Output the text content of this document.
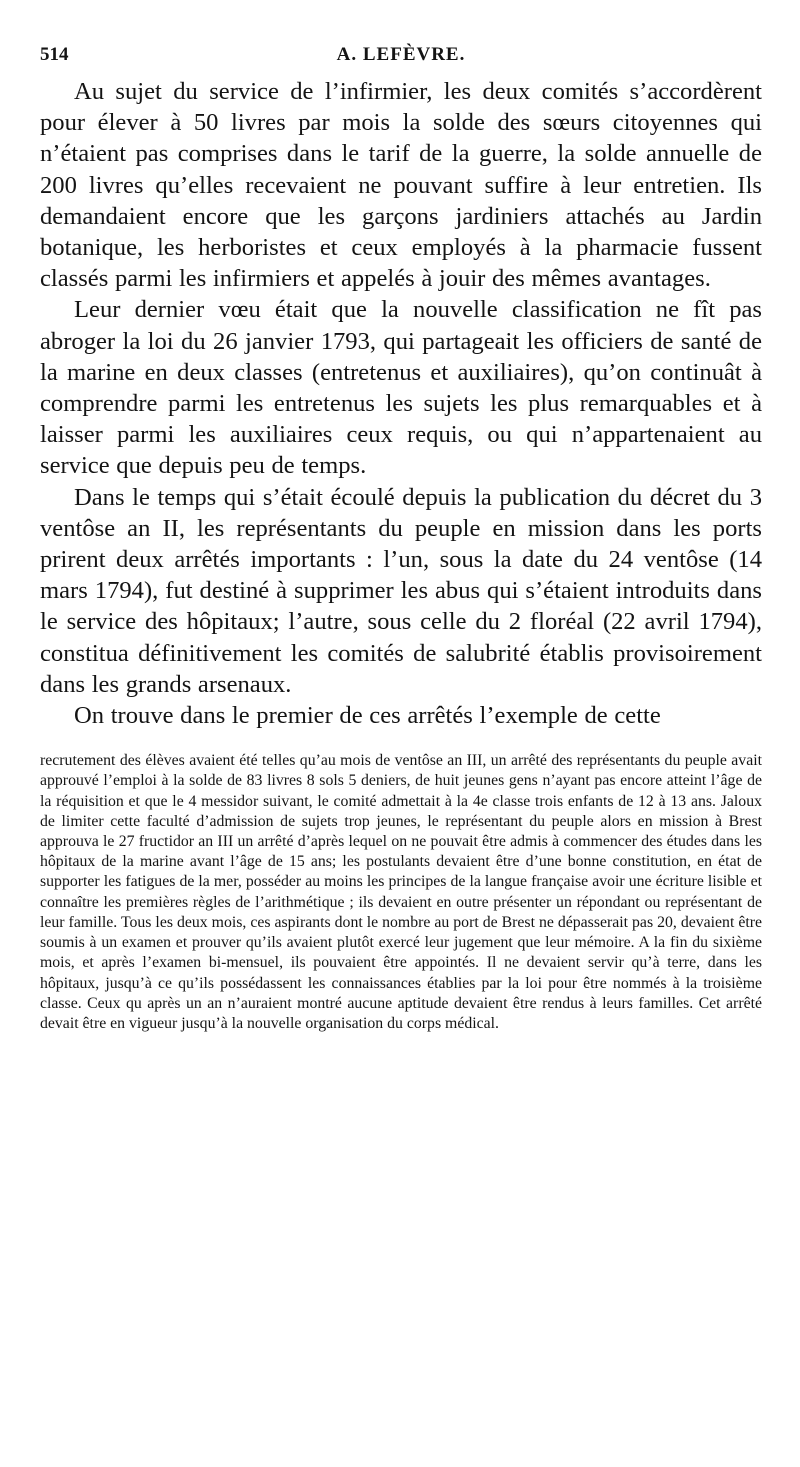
514	A. LEFÈVRE.

Au sujet du service de l’infirmier, les deux comités s’accordèrent pour élever à 50 livres par mois la solde des sœurs citoyennes qui n’étaient pas comprises dans le tarif de la guerre, la solde annuelle de 200 livres qu’elles recevaient ne pouvant suffire à leur entretien. Ils demandaient encore que les garçons jardiniers attachés au Jardin botanique, les herboristes et ceux employés à la pharmacie fussent classés parmi les infirmiers et appelés à jouir des mêmes avantages.

Leur dernier vœu était que la nouvelle classification ne fît pas abroger la loi du 26 janvier 1793, qui partageait les officiers de santé de la marine en deux classes (entretenus et auxiliaires), qu’on continuât à comprendre parmi les entretenus les sujets les plus remarquables et à laisser parmi les auxiliaires ceux requis, ou qui n’appartenaient au service que depuis peu de temps.

Dans le temps qui s’était écoulé depuis la publication du décret du 3 ventôse an II, les représentants du peuple en mission dans les ports prirent deux arrêtés importants : l’un, sous la date du 24 ventôse (14 mars 1794), fut destiné à supprimer les abus qui s’étaient introduits dans le service des hôpitaux; l’autre, sous celle du 2 floréal (22 avril 1794), constitua définitivement les comités de salubrité établis provisoirement dans les grands arsenaux.

On trouve dans le premier de ces arrêtés l’exemple de cette

recrutement des élèves avaient été telles qu’au mois de ventôse an III, un arrêté des représentants du peuple avait approuvé l’emploi à la solde de 83 livres 8 sols 5 deniers, de huit jeunes gens n’ayant pas encore atteint l’âge de la réquisition et que le 4 messidor suivant, le comité admettait à la 4e classe trois enfants de 12 à 13 ans. Jaloux de limiter cette faculté d’admission de sujets trop jeunes, le représentant du peuple alors en mission à Brest approuva le 27 fructidor an III un arrêté d’après lequel on ne pouvait être admis à commencer des études dans les hôpitaux de la marine avant l’âge de 15 ans; les postulants devaient être d’une bonne constitution, en état de supporter les fatigues de la mer, posséder au moins les principes de la langue française avoir une écriture lisible et connaître les premières règles de l’arithmétique ; ils devaient en outre présenter un répondant ou représentant de leur famille. Tous les deux mois, ces aspirants dont le nombre au port de Brest ne dépasserait pas 20, devaient être soumis à un examen et prouver qu’ils avaient plutôt exercé leur jugement que leur mémoire. A la fin du sixième mois, et après l’examen bi-mensuel, ils pouvaient être appointés. Il ne devaient servir qu’à terre, dans les hôpitaux, jusqu’à ce qu’ils possédassent les connaissances établies par la loi pour être nommés à la troisième classe. Ceux qu après un an n’auraient montré aucune aptitude devaient être rendus à leurs familles. Cet arrêté devait être en vigueur jusqu’à la nouvelle organisation du corps médical.
